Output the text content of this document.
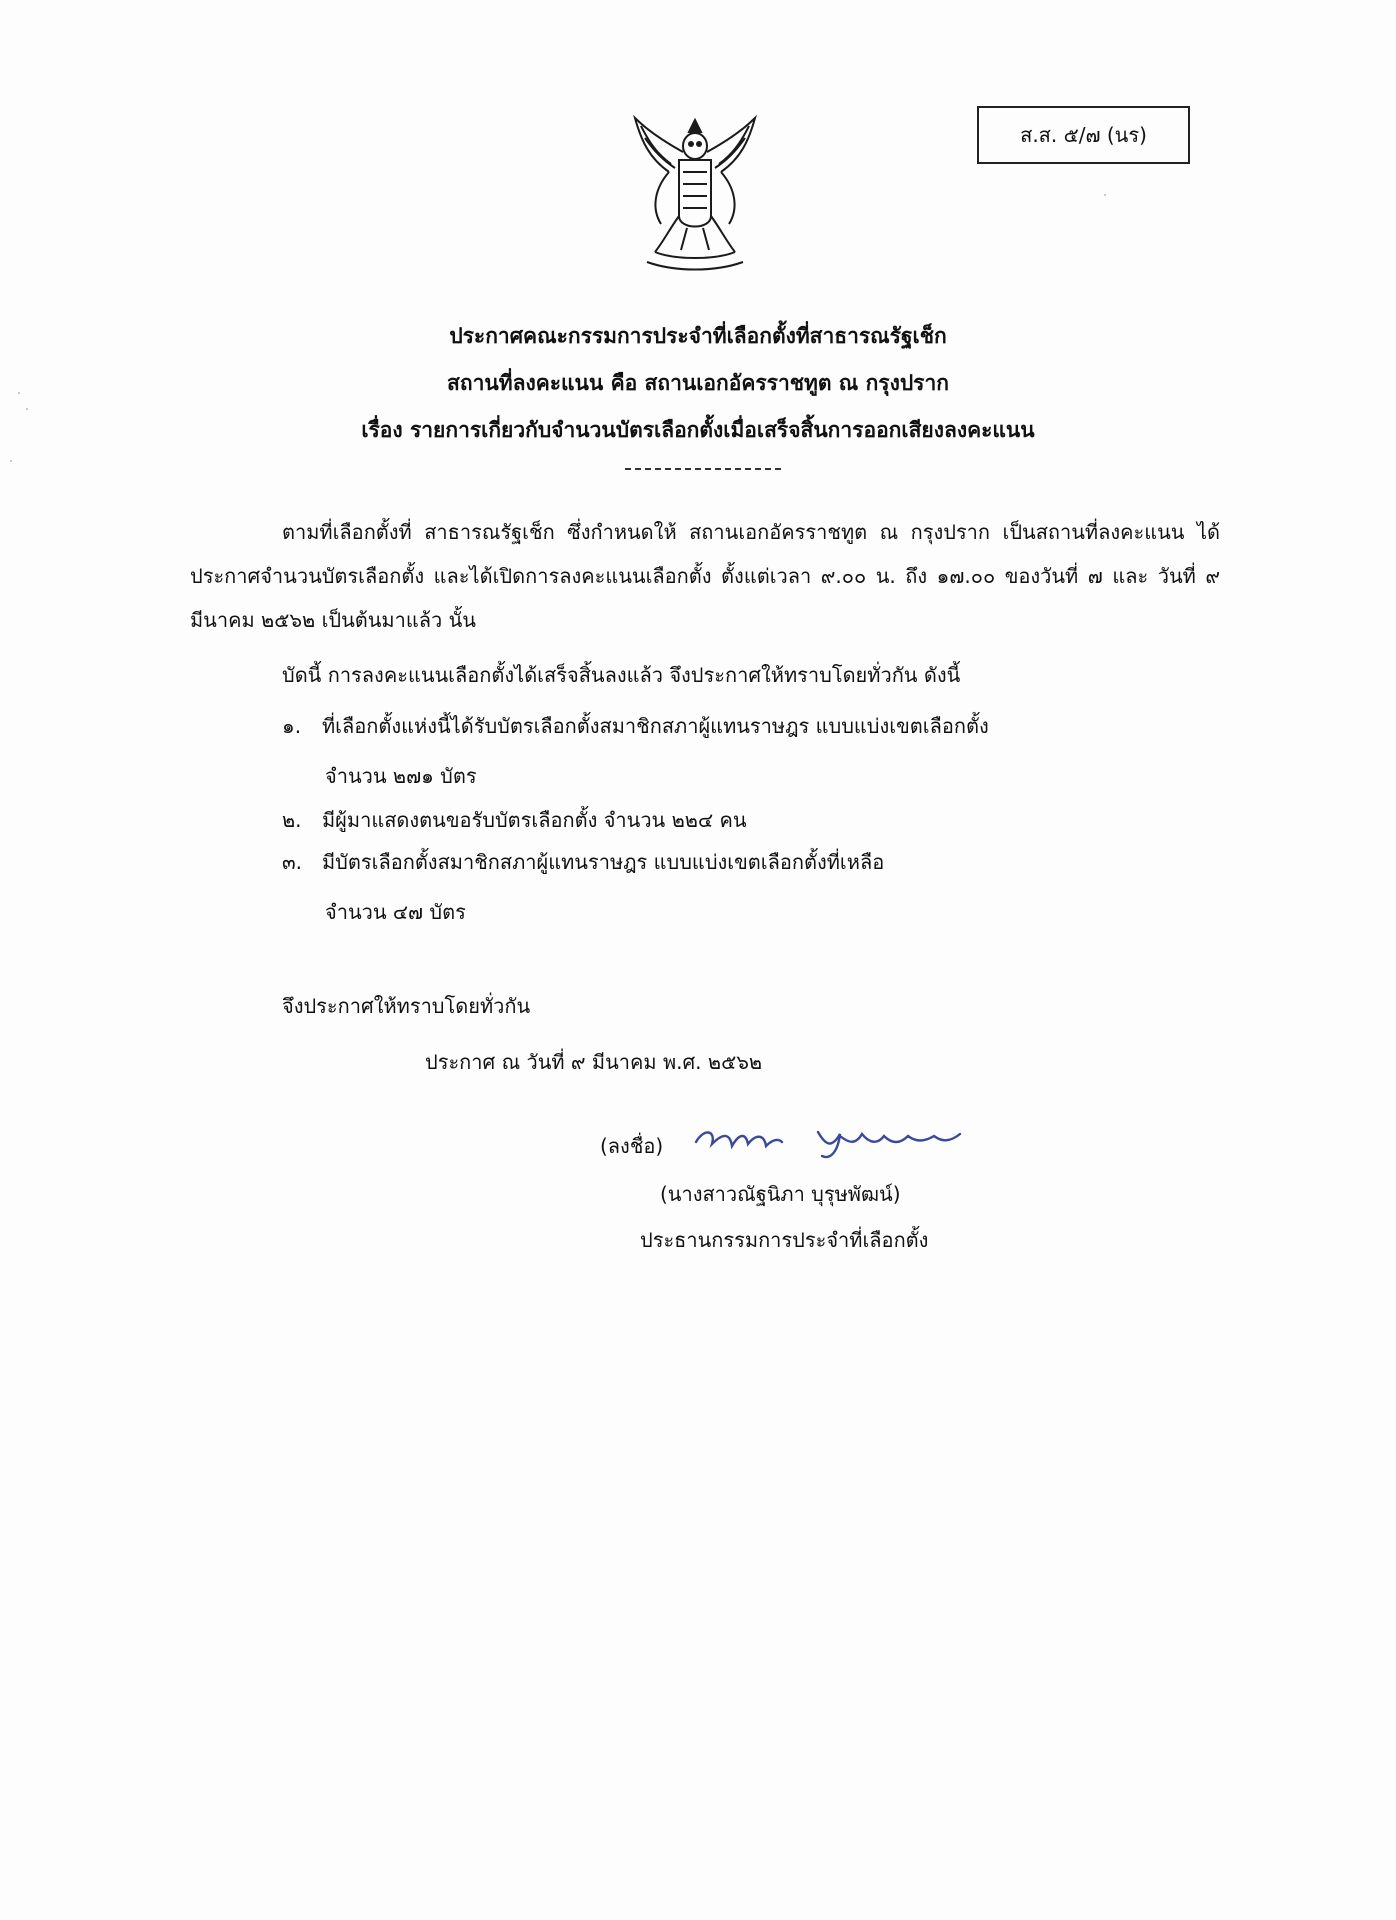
ส.ส. ๕/๗ (นร)
ประกาศคณะกรรมการประจำที่เลือกตั้งที่สาธารณรัฐเช็ก
สถานที่ลงคะแนน คือ สถานเอกอัครราชทูต ณ กรุงปราก
เรื่อง รายการเกี่ยวกับจำนวนบัตรเลือกตั้งเมื่อเสร็จสิ้นการออกเสียงลงคะแนน
ตามที่เลือกตั้งที่ สาธารณรัฐเช็ก ซึ่งกำหนดให้ สถานเอกอัครราชทูต ณ กรุงปราก เป็นสถานที่ลงคะแนน ได้ประกาศจำนวนบัตรเลือกตั้ง และได้เปิดการลงคะแนนเลือกตั้ง ตั้งแต่เวลา ๙.๐๐ น. ถึง ๑๗.๐๐ ของวันที่ ๗ และ วันที่ ๙ มีนาคม ๒๕๖๒ เป็นต้นมาแล้ว นั้น
บัดนี้ การลงคะแนนเลือกตั้งได้เสร็จสิ้นลงแล้ว จึงประกาศให้ทราบโดยทั่วกัน ดังนี้
๑. ที่เลือกตั้งแห่งนี้ได้รับบัตรเลือกตั้งสมาชิกสภาผู้แทนราษฎร แบบแบ่งเขตเลือกตั้ง
จำนวน ๒๗๑ บัตร
๒. มีผู้มาแสดงตนขอรับบัตรเลือกตั้ง จำนวน ๒๒๔ คน
๓. มีบัตรเลือกตั้งสมาชิกสภาผู้แทนราษฎร แบบแบ่งเขตเลือกตั้งที่เหลือ
จำนวน ๔๗ บัตร
จึงประกาศให้ทราบโดยทั่วกัน
ประกาศ ณ วันที่ ๙ มีนาคม พ.ศ. ๒๕๖๒
(ลงชื่อ)
(นางสาวณัฐนิภา บุรุษพัฒน์)
ประธานกรรมการประจำที่เลือกตั้ง
